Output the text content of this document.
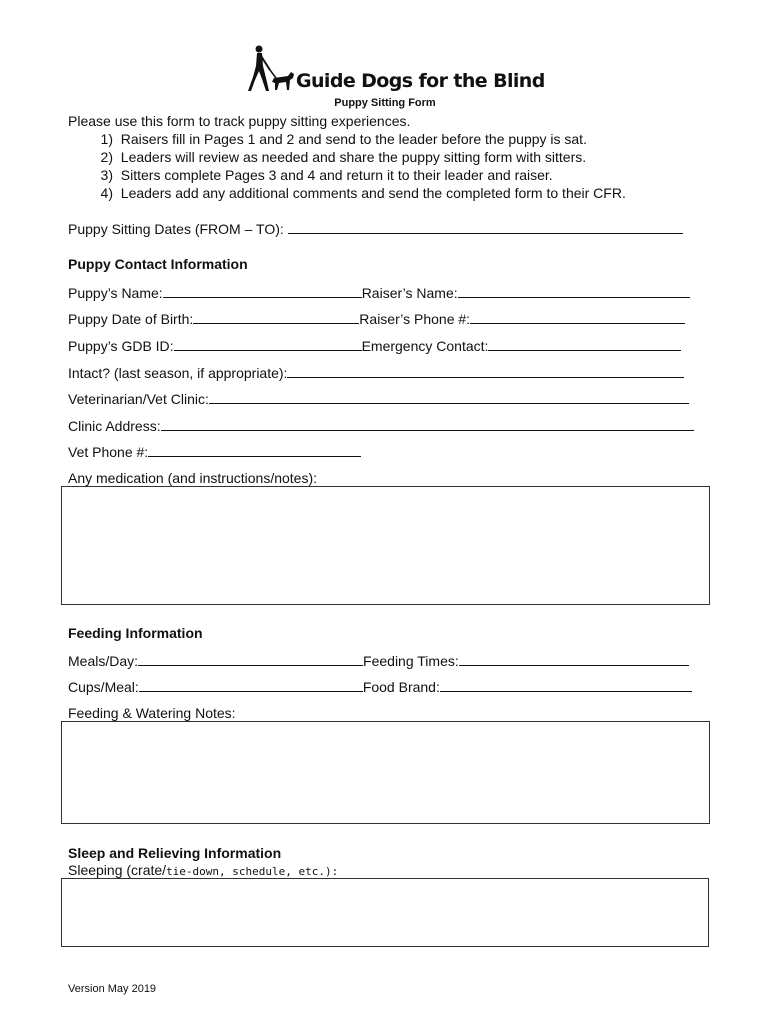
Guide Dogs for the Blind
Puppy Sitting Form
Please use this form to track puppy sitting experiences.
1) Raisers fill in Pages 1 and 2 and send to the leader before the puppy is sat.
2) Leaders will review as needed and share the puppy sitting form with sitters.
3) Sitters complete Pages 3 and 4 and return it to their leader and raiser.
4) Leaders add any additional comments and send the completed form to their CFR.
Puppy Sitting Dates (FROM – TO):
Puppy Contact Information
Puppy’s Name:	Raiser’s Name:
Puppy Date of Birth:	Raiser’s Phone #:
Puppy’s GDB ID:	Emergency Contact:
Intact? (last season, if appropriate):
Veterinarian/Vet Clinic:
Clinic Address:
Vet Phone #:
Any medication (and instructions/notes):
Feeding Information
Meals/Day:	Feeding Times:
Cups/Meal:	Food Brand:
Feeding & Watering Notes:
Sleep and Relieving Information
Sleeping (crate/tie-down, schedule, etc.):
Version May 2019
